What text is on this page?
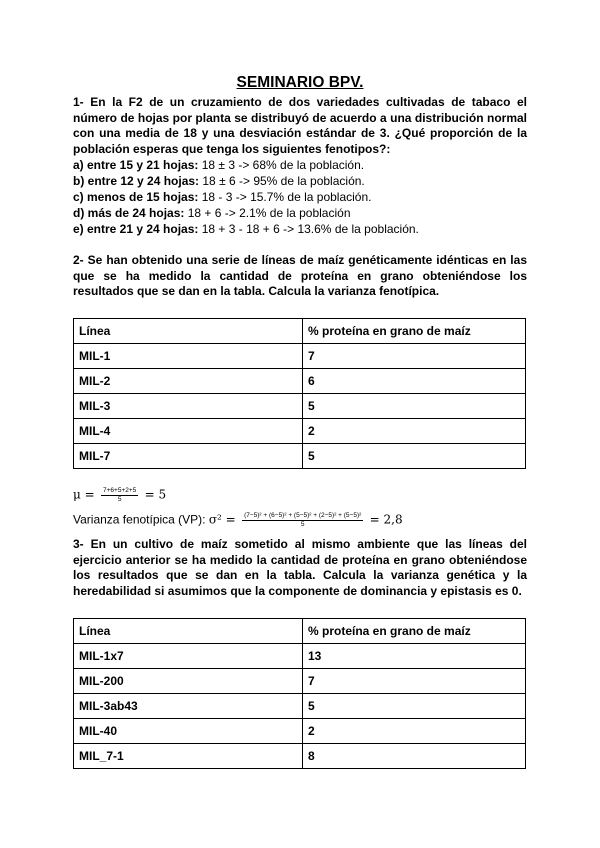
SEMINARIO BPV.
1- En la F2 de un cruzamiento de dos variedades cultivadas de tabaco el número de hojas por planta se distribuyó de acuerdo a una distribución normal con una media de 18 y una desviación estándar de 3. ¿Qué proporción de la población esperas que tenga los siguientes fenotipos?:
a) entre 15 y 21 hojas: 18 ± 3 -> 68% de la población.
b) entre 12 y 24 hojas: 18 ± 6 -> 95% de la población.
c) menos de 15 hojas: 18 - 3 -> 15.7% de la población.
d) más de 24 hojas: 18 + 6 -> 2.1% de la población
e) entre 21 y 24 hojas: 18 + 3 - 18 + 6 -> 13.6% de la población.
2- Se han obtenido una serie de líneas de maíz genéticamente idénticas en las que se ha medido la cantidad de proteína en grano obteniéndose los resultados que se dan en la tabla. Calcula la varianza fenotípica.
Línea	% proteína en grano de maíz
MIL-1	7
MIL-2	6
MIL-3	5
MIL-4	2
MIL-7	5
$\mu = \frac{7+6+5+2+5}{5} = 5$
Varianza fenotípica (VP): $\sigma^2 = \frac{\text{(7−5)² + (6−5)² + (5−5)² + (2−5)² + (5−5)²}}{5} = 2,8$
3- En un cultivo de maíz sometido al mismo ambiente que las líneas del ejercicio anterior se ha medido la cantidad de proteína en grano obteniéndose los resultados que se dan en la tabla. Calcula la varianza genética y la heredabilidad si asumimos que la componente de dominancia y epistasis es 0.
Línea	% proteína en grano de maíz
MIL-1x7	13
MIL-200	7
MIL-3ab43	5
MIL-40	2
MIL_7-1	8
